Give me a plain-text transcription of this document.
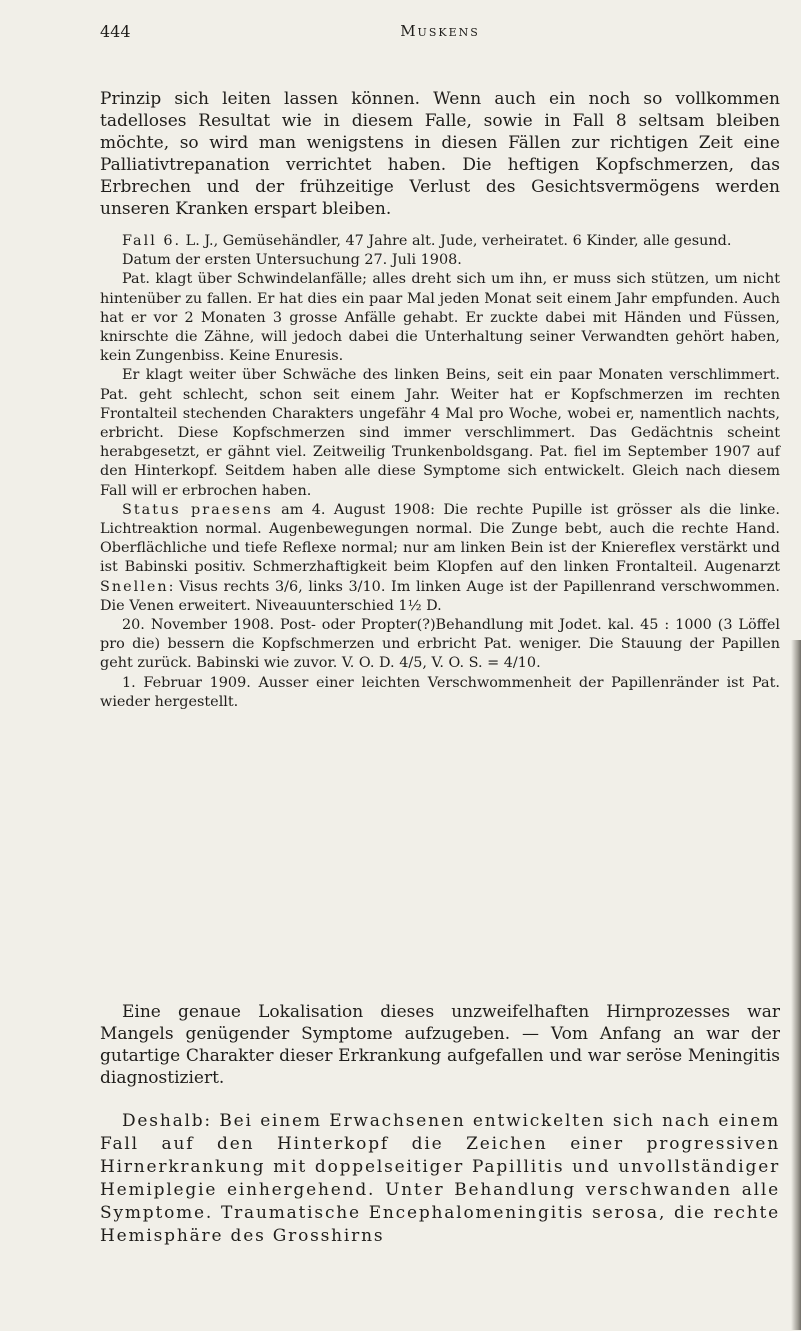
444	Muskens

Prinzip sich leiten lassen können. Wenn auch ein noch so vollkommen tadelloses Resultat wie in diesem Falle, sowie in Fall 8 seltsam bleiben möchte, so wird man wenigstens in diesen Fällen zur richtigen Zeit eine Palliativtrepanation verrichtet haben. Die heftigen Kopfschmerzen, das Erbrechen und der frühzeitige Verlust des Gesichtsvermögens werden unseren Kranken erspart bleiben.

Fall 6. L. J., Gemüsehändler, 47 Jahre alt. Jude, verheiratet. 6 Kinder, alle gesund.

Datum der ersten Untersuchung 27. Juli 1908.

Pat. klagt über Schwindelanfälle; alles dreht sich um ihn, er muss sich stützen, um nicht hintenüber zu fallen. Er hat dies ein paar Mal jeden Monat seit einem Jahr empfunden. Auch hat er vor 2 Monaten 3 grosse Anfälle gehabt. Er zuckte dabei mit Händen und Füssen, knirschte die Zähne, will jedoch dabei die Unterhaltung seiner Verwandten gehört haben, kein Zungenbiss. Keine Enuresis.

Er klagt weiter über Schwäche des linken Beins, seit ein paar Monaten verschlimmert. Pat. geht schlecht, schon seit einem Jahr. Weiter hat er Kopfschmerzen im rechten Frontalteil stechenden Charakters ungefähr 4 Mal pro Woche, wobei er, namentlich nachts, erbricht. Diese Kopfschmerzen sind immer verschlimmert. Das Gedächtnis scheint herabgesetzt, er gähnt viel. Zeitweilig Trunkenboldsgang. Pat. fiel im September 1907 auf den Hinterkopf. Seitdem haben alle diese Symptome sich entwickelt. Gleich nach diesem Fall will er erbrochen haben.

Status praesens am 4. August 1908: Die rechte Pupille ist grösser als die linke. Lichtreaktion normal. Augenbewegungen normal. Die Zunge bebt, auch die rechte Hand. Oberflächliche und tiefe Reflexe normal; nur am linken Bein ist der Kniereflex verstärkt und ist Babinski positiv. Schmerzhaftigkeit beim Klopfen auf den linken Frontalteil. Augenarzt Snellen: Visus rechts 3/6, links 3/10. Im linken Auge ist der Papillenrand verschwommen. Die Venen erweitert. Niveauunterschied 1½ D.

20. November 1908. Post- oder Propter(?)Behandlung mit Jodet. kal. 45 : 1000 (3 Löffel pro die) bessern die Kopfschmerzen und erbricht Pat. weniger. Die Stauung der Papillen geht zurück. Babinski wie zuvor. V. O. D. 4/5, V. O. S. = 4/10.

1. Februar 1909. Ausser einer leichten Verschwommenheit der Papillenränder ist Pat. wieder hergestellt.

Eine genaue Lokalisation dieses unzweifelhaften Hirnprozesses war Mangels genügender Symptome aufzugeben. — Vom Anfang an war der gutartige Charakter dieser Erkrankung aufgefallen und war seröse Meningitis diagnostiziert.

Deshalb: Bei einem Erwachsenen entwickelten sich nach einem Fall auf den Hinterkopf die Zeichen einer progressiven Hirnerkrankung mit doppelseitiger Papillitis und unvollständiger Hemiplegie einhergehend. Unter Behandlung verschwanden alle Symptome. Traumatische Encephalomeningitis serosa, die rechte Hemisphäre des Grosshirns
